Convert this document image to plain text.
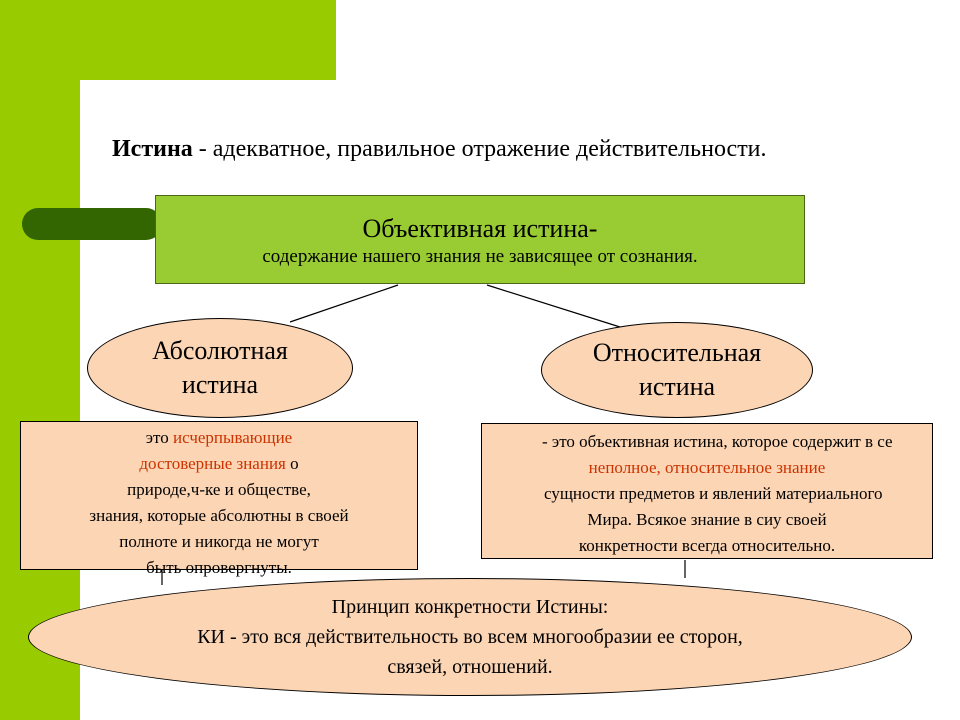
Истина - адекватное, правильное отражение действительности.
Объективная истина-
содержание нашего знания не зависящее от сознания.
Абсолютная
истина
Относительная
истина
это исчерпывающие
достоверные знания о
природе,ч-ке и обществе,
знания, которые абсолютны в своей
полноте и никогда не могут
быть опровергнуты.
- это объективная истина, которое содержит в се
неполное, относительное знание
сущности предметов и явлений материального
Мира. Всякое знание в сиу своей
конкретности всегда относительно.
Принцип конкретности Истины:
КИ - это вся действительность во всем многообразии ее сторон,
связей, отношений.
